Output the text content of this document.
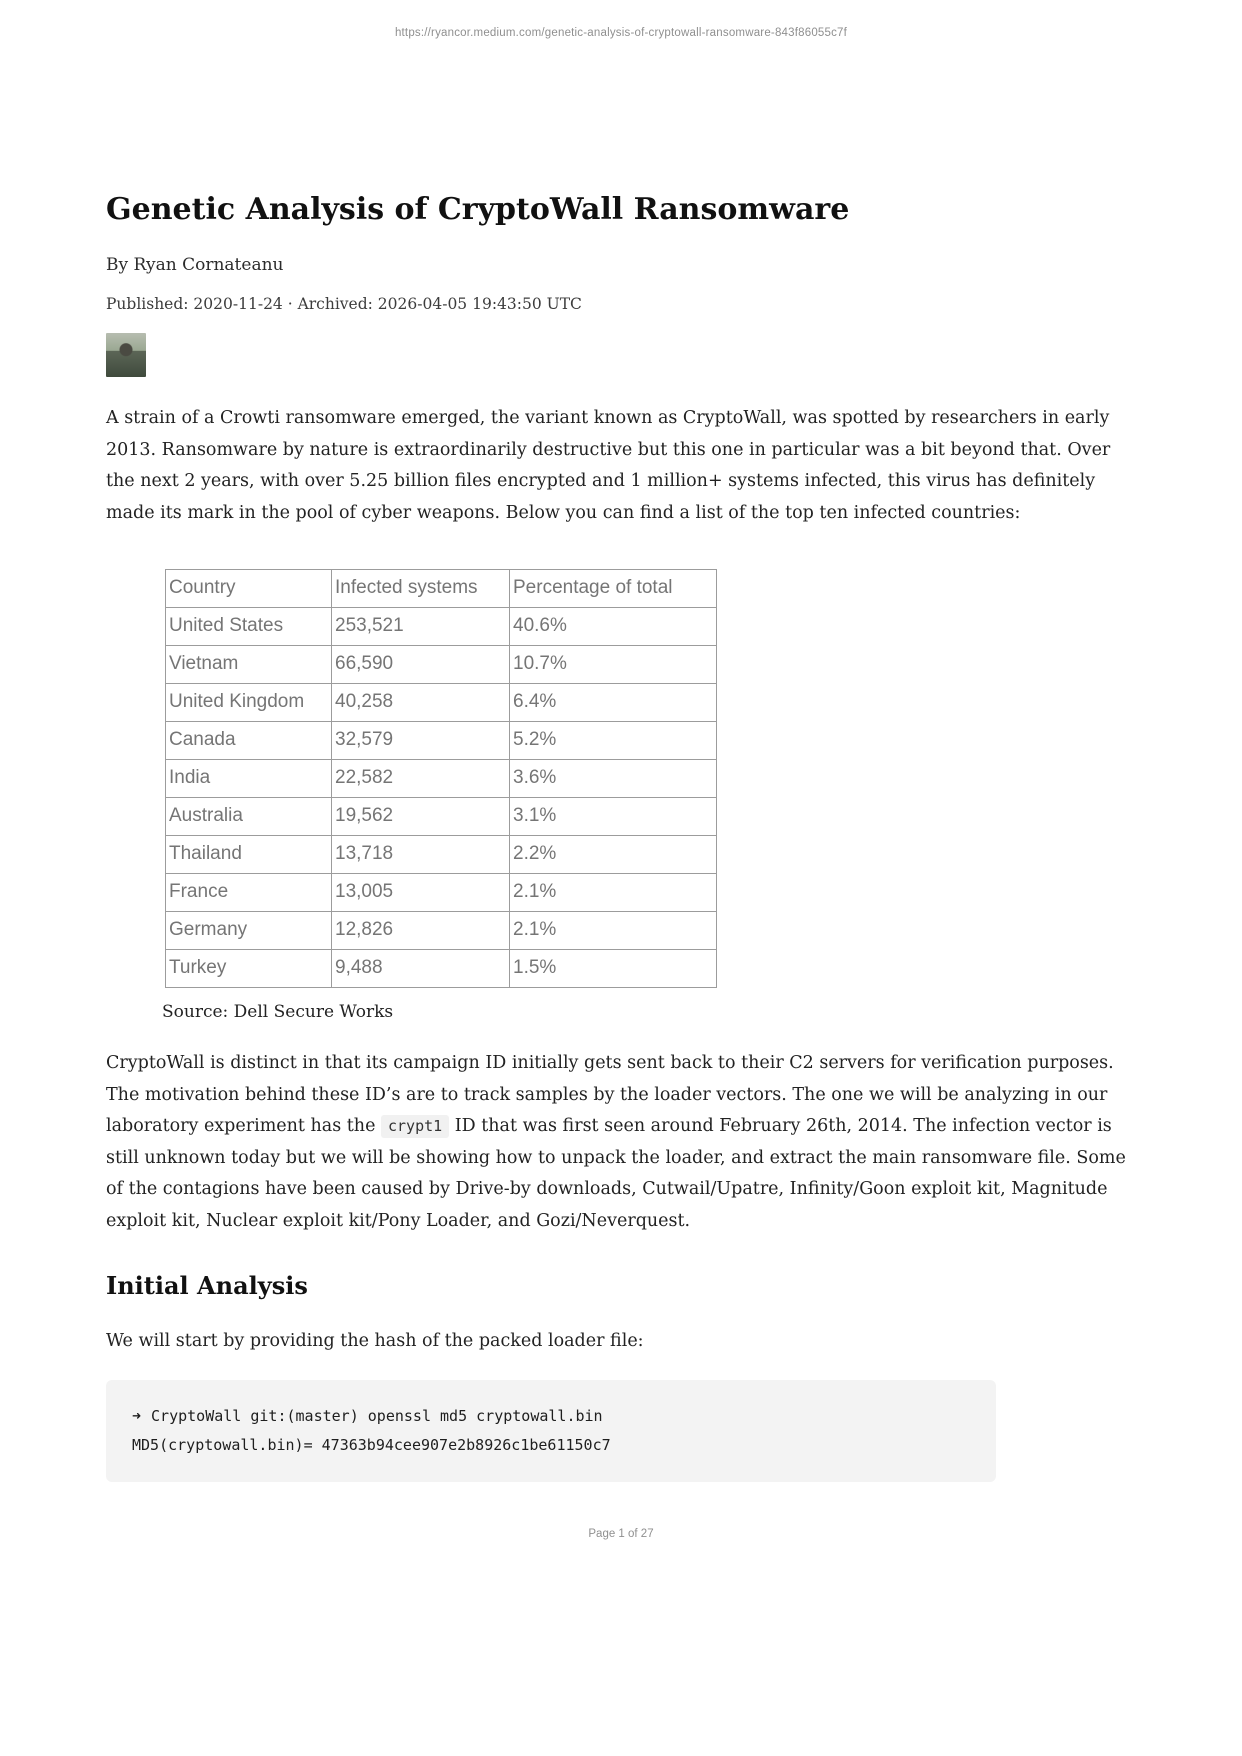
https://ryancor.medium.com/genetic-analysis-of-cryptowall-ransomware-843f86055c7f
Genetic Analysis of CryptoWall Ransomware
By Ryan Cornateanu
Published: 2020-11-24 · Archived: 2026-04-05 19:43:50 UTC

A strain of a Crowti ransomware emerged, the variant known as CryptoWall, was spotted by researchers in early 2013. Ransomware by nature is extraordinarily destructive but this one in particular was a bit beyond that. Over the next 2 years, with over 5.25 billion files encrypted and 1 million+ systems infected, this virus has definitely made its mark in the pool of cyber weapons. Below you can find a list of the top ten infected countries:

Country	Infected systems	Percentage of total
United States	253,521	40.6%
Vietnam	66,590	10.7%
United Kingdom	40,258	6.4%
Canada	32,579	5.2%
India	22,582	3.6%
Australia	19,562	3.1%
Thailand	13,718	2.2%
France	13,005	2.1%
Germany	12,826	2.1%
Turkey	9,488	1.5%
Source: Dell Secure Works

CryptoWall is distinct in that its campaign ID initially gets sent back to their C2 servers for verification purposes. The motivation behind these ID’s are to track samples by the loader vectors. The one we will be analyzing in our laboratory experiment has the crypt1 ID that was first seen around February 26th, 2014. The infection vector is still unknown today but we will be showing how to unpack the loader, and extract the main ransomware file. Some of the contagions have been caused by Drive-by downloads, Cutwail/Upatre, Infinity/Goon exploit kit, Magnitude exploit kit, Nuclear exploit kit/Pony Loader, and Gozi/Neverquest.

Initial Analysis

We will start by providing the hash of the packed loader file:

➜ CryptoWall git:(master) openssl md5 cryptowall.bin
MD5(cryptowall.bin)= 47363b94cee907e2b8926c1be61150c7
Page 1 of 27
